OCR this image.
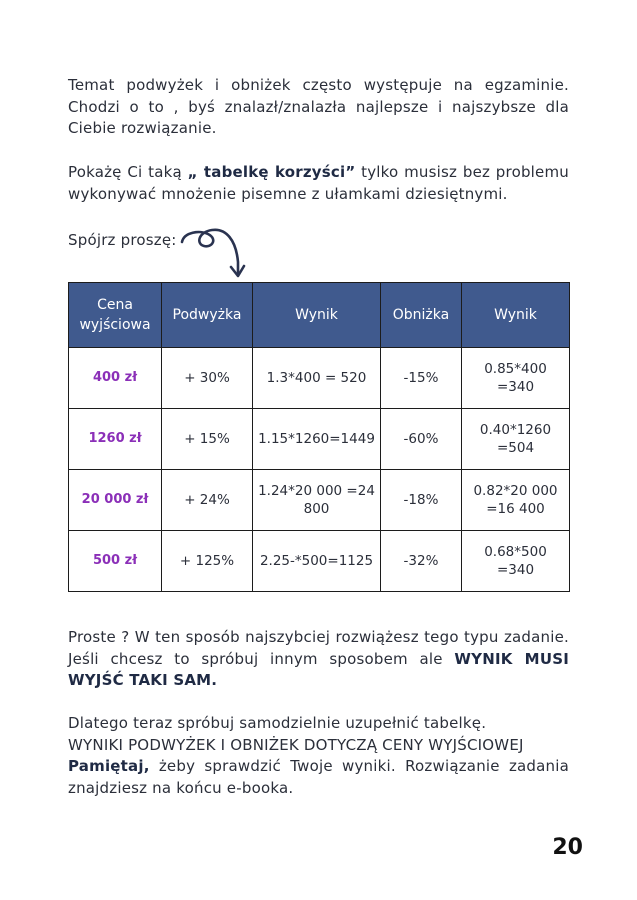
Temat podwyżek i obniżek często występuje na egzaminie. Chodzi o to , byś znalazł/znalazła najlepsze i najszybsze dla Ciebie rozwiązanie.

Pokażę Ci taką „ tabelkę korzyści” tylko musisz bez problemu wykonywać mnożenie pisemne z ułamkami dziesiętnymi.

Spójrz proszę:

Cena wyjściowa	Podwyżka	Wynik	Obniżka	Wynik
400 zł	+ 30%	1.3*400 = 520	-15%	0.85*400 =340
1260 zł	+ 15%	1.15*1260=1449	-60%	0.40*1260 =504
20 000 zł	+ 24%	1.24*20 000 =24 800	-18%	0.82*20 000 =16 400
500 zł	+ 125%	2.25-*500=1125	-32%	0.68*500 =340

Proste ? W ten sposób najszybciej rozwiążesz tego typu zadanie. Jeśli chcesz to spróbuj innym sposobem ale WYNIK MUSI WYJŚĆ TAKI SAM.

Dlatego teraz spróbuj samodzielnie uzupełnić tabelkę.
WYNIKI PODWYŻEK I OBNIŻEK DOTYCZĄ CENY WYJŚCIOWEJ
Pamiętaj, żeby sprawdzić Twoje wyniki. Rozwiązanie zadania znajdziesz na końcu e-booka.
20
